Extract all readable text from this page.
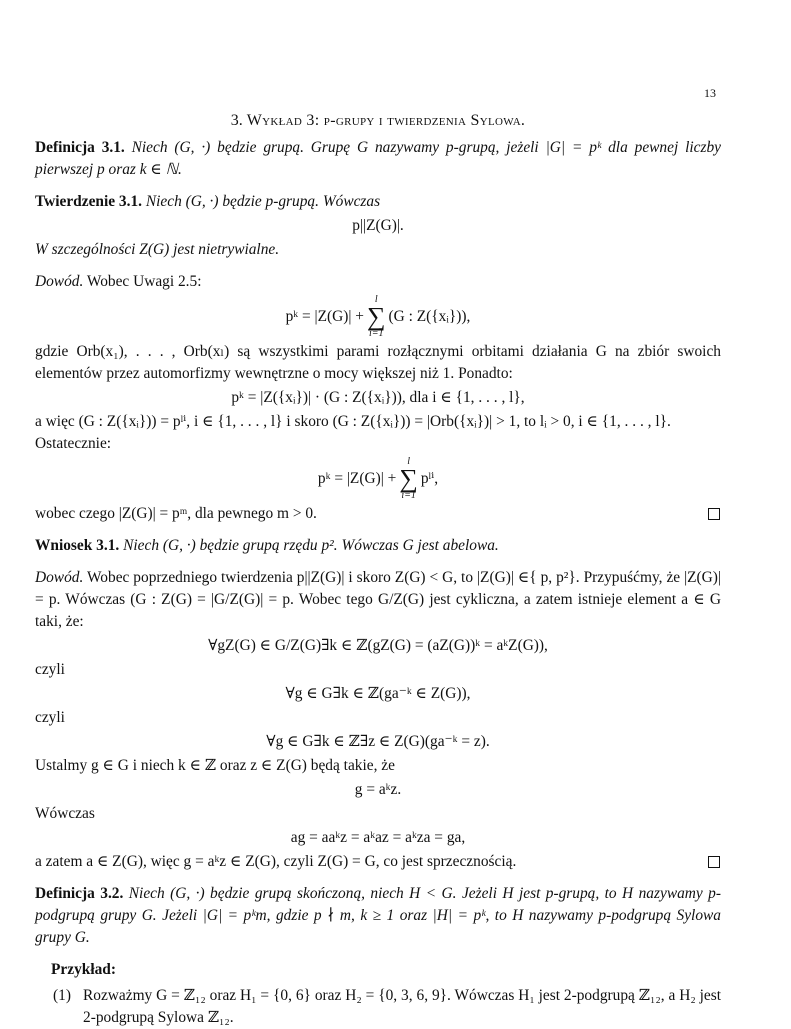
13
3. Wykład 3: p-grupy i twierdzenia Sylowa.

Definicja 3.1. Niech (G, ·) będzie grupą. Grupę G nazywamy p-grupą, jeżeli |G| = pᵏ dla pewnej liczby pierwszej p oraz k ∈ ℕ.

Twierdzenie 3.1. Niech (G, ·) będzie p-grupą. Wówczas

p||Z(G)|.

W szczególności Z(G) jest nietrywialne.

Dowód. Wobec Uwagi 2.5:

pᵏ = |Z(G)| +
l
∑
i=1
(G : Z({xᵢ})),

gdzie Orb(x₁), . . . , Orb(xₗ) są wszystkimi parami rozłącznymi orbitami działania G na zbiór swoich elementów przez automorfizmy wewnętrzne o mocy większej niż 1. Ponadto:

pᵏ = |Z({xᵢ})| · (G : Z({xᵢ})), dla i ∈ {1, . . . , l},

a więc (G : Z({xᵢ})) = pˡⁱ, i ∈ {1, . . . , l} i skoro (G : Z({xᵢ})) = |Orb({xᵢ})| > 1, to lᵢ > 0, i ∈ {1, . . . , l}.

Ostatecznie:

pᵏ = |Z(G)| +
l
∑
i=1
pˡⁱ,
wobec czego |Z(G)| = pᵐ, dla pewnego m > 0.

Wniosek 3.1. Niech (G, ·) będzie grupą rzędu p². Wówczas G jest abelowa.

Dowód. Wobec poprzedniego twierdzenia p||Z(G)| i skoro Z(G) < G, to |Z(G)| ∈{ p, p²}. Przypuśćmy, że |Z(G)| = p. Wówczas (G : Z(G) = |G/Z(G)| = p. Wobec tego G/Z(G) jest cykliczna, a zatem istnieje element a ∈ G taki, że:

∀gZ(G) ∈ G/Z(G)∃k ∈ ℤ(gZ(G) = (aZ(G))ᵏ = aᵏZ(G)),

czyli

∀g ∈ G∃k ∈ ℤ(ga⁻ᵏ ∈ Z(G)),

czyli

∀g ∈ G∃k ∈ ℤ∃z ∈ Z(G)(ga⁻ᵏ = z).

Ustalmy g ∈ G i niech k ∈ ℤ oraz z ∈ Z(G) będą takie, że

g = aᵏz.

Wówczas

ag = aaᵏz = aᵏaz = aᵏza = ga,
a zatem a ∈ Z(G), więc g = aᵏz ∈ Z(G), czyli Z(G) = G, co jest sprzecznością.

Definicja 3.2. Niech (G, ·) będzie grupą skończoną, niech H < G. Jeżeli H jest p-grupą, to H nazywamy p-podgrupą grupy G. Jeżeli |G| = pᵏm, gdzie p ∤ m, k ≥ 1 oraz |H| = pᵏ, to H nazywamy p-podgrupą Sylowa grupy G.

Przykład:
(1) Rozważmy G = ℤ₁₂ oraz H₁ = {0, 6} oraz H₂ = {0, 3, 6, 9}. Wówczas H₁ jest 2-podgrupą ℤ₁₂, a H₂ jest 2-podgrupą Sylowa ℤ₁₂.
